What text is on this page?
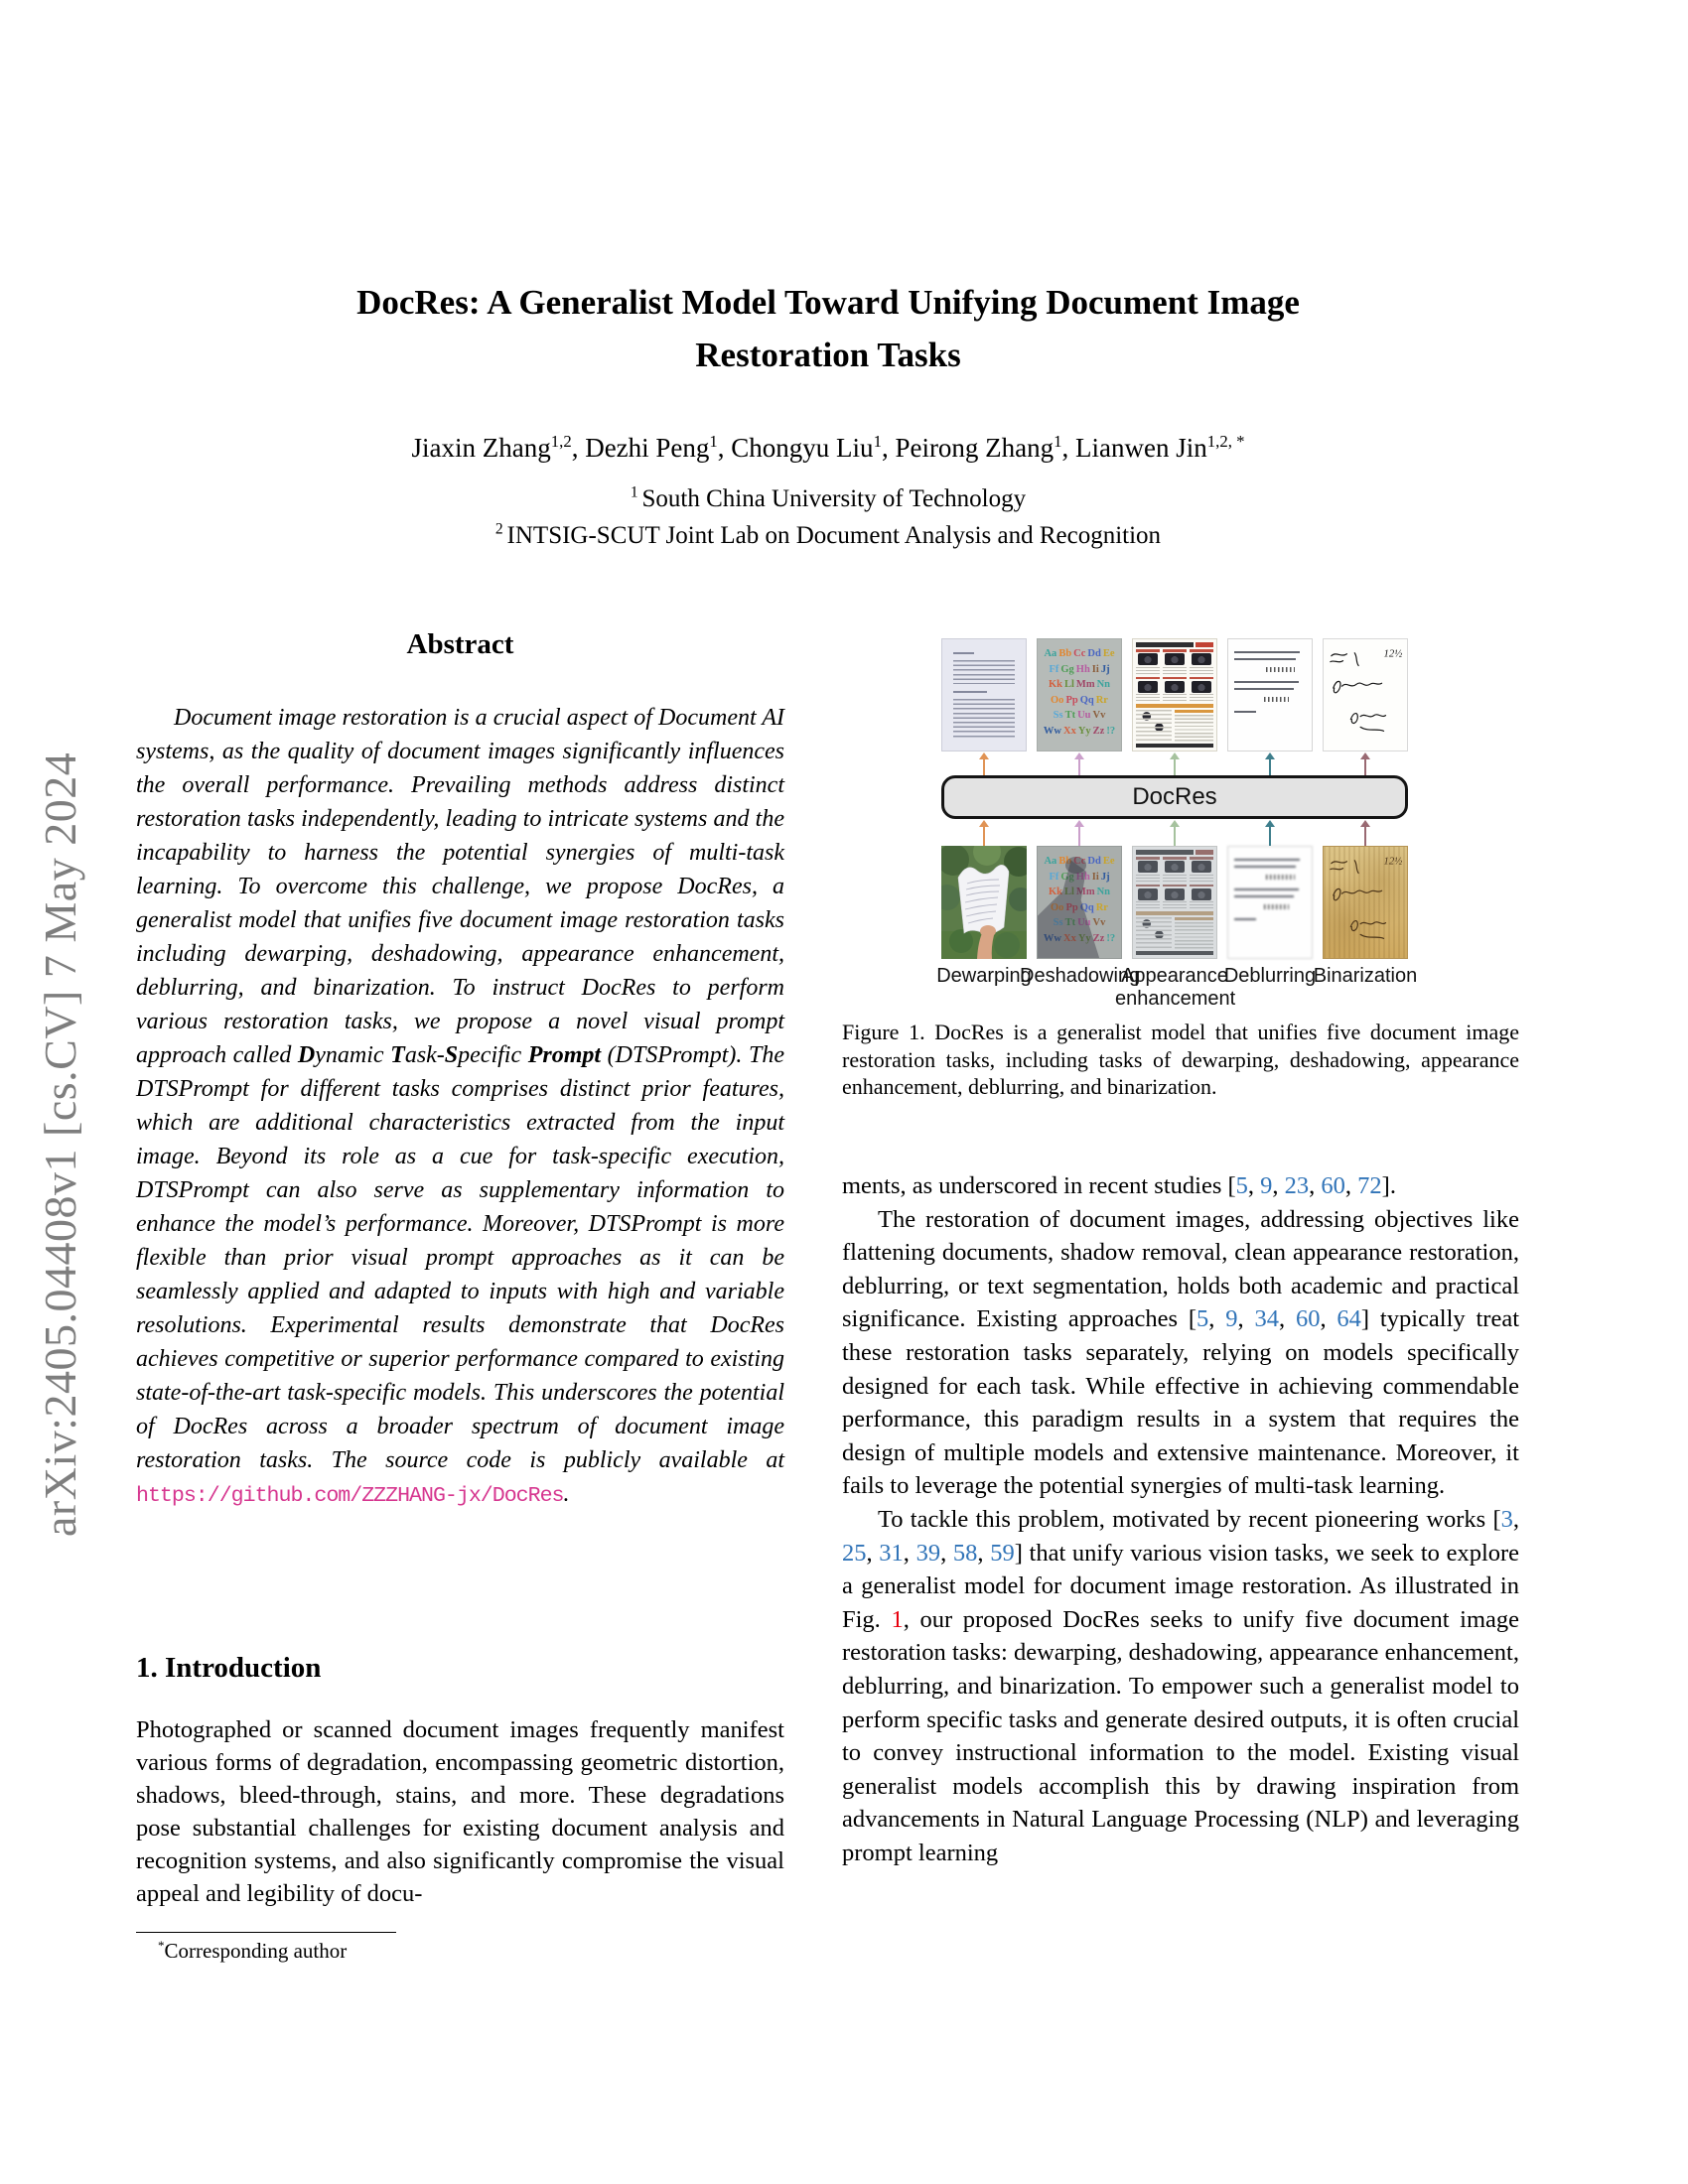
arXiv:2405.04408v1 [cs.CV] 7 May 2024
DocRes: A Generalist Model Toward Unifying Document Image
Restoration Tasks
Jiaxin Zhang$^{1,2}$, Dezhi Peng$^1$, Chongyu Liu$^1$, Peirong Zhang$^1$, Lianwen Jin$^{1,2, *}$
$^1$ South China University of Technology
$^2$ INTSIG-SCUT Joint Lab on Document Analysis and Recognition
Abstract
Document image restoration is a crucial aspect of Document AI systems, as the quality of document images significantly influences the overall performance. Prevailing methods address distinct restoration tasks independently, leading to intricate systems and the incapability to harness the potential synergies of multi-task learning. To overcome this challenge, we propose DocRes, a generalist model that unifies five document image restoration tasks including dewarping, deshadowing, appearance enhancement, deblurring, and binarization. To instruct DocRes to perform various restoration tasks, we propose a novel visual prompt approach called Dynamic Task-Specific Prompt (DTSPrompt). The DTSPrompt for different tasks comprises distinct prior features, which are additional characteristics extracted from the input image. Beyond its role as a cue for task-specific execution, DTSPrompt can also serve as supplementary information to enhance the model’s performance. Moreover, DTSPrompt is more flexible than prior visual prompt approaches as it can be seamlessly applied and adapted to inputs with high and variable resolutions. Experimental results demonstrate that DocRes achieves competitive or superior performance compared to existing state-of-the-art task-specific models. This underscores the potential of DocRes across a broader spectrum of document image restoration tasks. The source code is publicly available at https://github.com/ZZZHANG-jx/DocRes.
1. Introduction
Photographed or scanned document images frequently manifest various forms of degradation, encompassing geometric distortion, shadows, bleed-through, stains, and more. These degradations pose substantial challenges for existing document analysis and recognition systems, and also significantly compromise the visual appeal and legibility of docu-
*Corresponding author
Aa Bb Cc Dd Ee
Ff Gg Hh Ii Jj
Kk Ll Mm Nn
Oo Pp Qq Rr
Ss Tt Uu Vv
Ww Xx Yy Zz !?
12½
DocRes
Aa Bb Cc Dd Ee
Ff Gg Hh Ii Jj
Kk Ll Mm Nn
Oo Pp Qq Rr
Ss Tt Uu Vv
Ww Xx Yy Zz !?
12½
Dewarping
Deshadowing
Appearance enhancement
Deblurring
Binarization
Figure 1. DocRes is a generalist model that unifies five document image restoration tasks, including tasks of dewarping, deshadowing, appearance enhancement, deblurring, and binarization.

ments, as underscored in recent studies [5, 9, 23, 60, 72].

The restoration of document images, addressing objectives like flattening documents, shadow removal, clean appearance restoration, deblurring, or text segmentation, holds both academic and practical significance. Existing approaches [5, 9, 34, 60, 64] typically treat these restoration tasks separately, relying on models specifically designed for each task. While effective in achieving commendable performance, this paradigm results in a system that requires the design of multiple models and extensive maintenance. Moreover, it fails to leverage the potential synergies of multi-task learning.

To tackle this problem, motivated by recent pioneering works [3, 25, 31, 39, 58, 59] that unify various vision tasks, we seek to explore a generalist model for document image restoration. As illustrated in Fig. 1, our proposed DocRes seeks to unify five document image restoration tasks: dewarping, deshadowing, appearance enhancement, deblurring, and binarization. To empower such a generalist model to perform specific tasks and generate desired outputs, it is often crucial to convey instructional information to the model. Existing visual generalist models accomplish this by drawing inspiration from advancements in Natural Language Processing (NLP) and leveraging prompt learning
